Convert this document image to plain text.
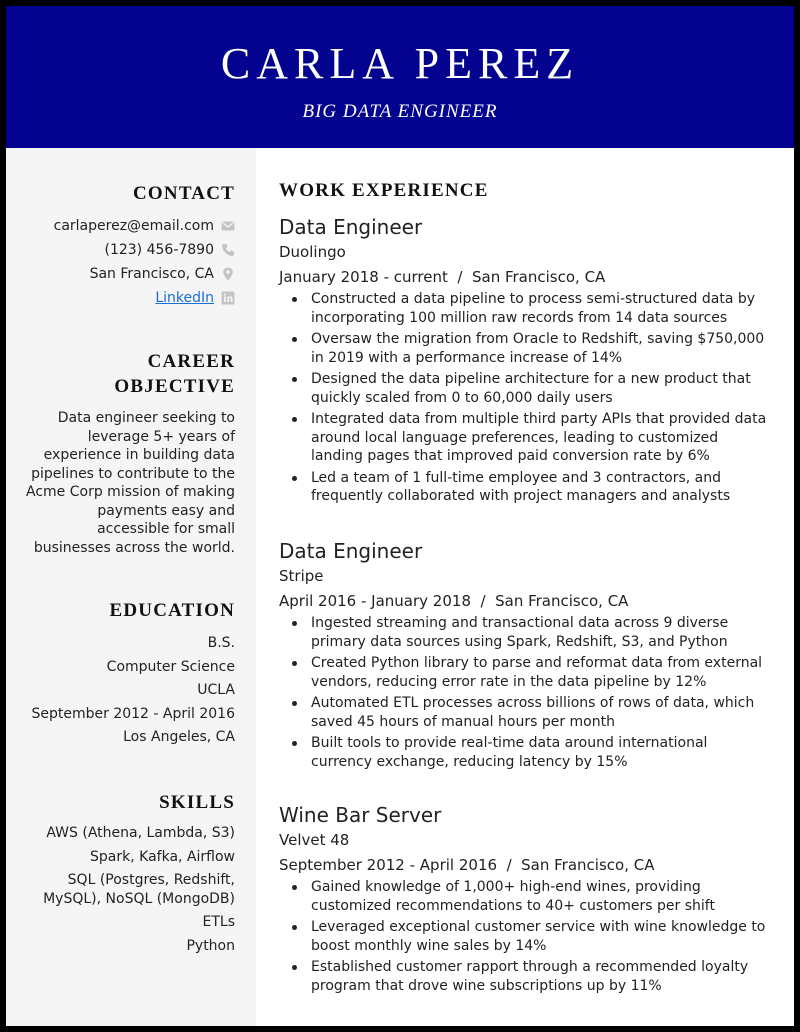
CARLA PEREZ
BIG DATA ENGINEER
CONTACT
carlaperez@email.com
(123) 456-7890
San Francisco, CA
LinkedIn
CAREER
OBJECTIVE
Data engineer seeking to leverage 5+ years of experience in building data pipelines to contribute to the Acme Corp mission of making payments easy and accessible for small businesses across the world.
EDUCATION
B.S.
Computer Science
UCLA
September 2012 - April 2016
Los Angeles, CA
SKILLS
AWS (Athena, Lambda, S3)
Spark, Kafka, Airflow
SQL (Postgres, Redshift, MySQL), NoSQL (MongoDB)
ETLs
Python
WORK EXPERIENCE
Data Engineer
Duolingo
January 2018 - current  /  San Francisco, CA
Constructed a data pipeline to process semi-structured data by incorporating 100 million raw records from 14 data sources
Oversaw the migration from Oracle to Redshift, saving $750,000 in 2019 with a performance increase of 14%
Designed the data pipeline architecture for a new product that quickly scaled from 0 to 60,000 daily users
Integrated data from multiple third party APIs that provided data around local language preferences, leading to customized landing pages that improved paid conversion rate by 6%
Led a team of 1 full-time employee and 3 contractors, and frequently collaborated with project managers and analysts
Data Engineer
Stripe
April 2016 - January 2018  /  San Francisco, CA
Ingested streaming and transactional data across 9 diverse primary data sources using Spark, Redshift, S3, and Python
Created Python library to parse and reformat data from external vendors, reducing error rate in the data pipeline by 12%
Automated ETL processes across billions of rows of data, which saved 45 hours of manual hours per month
Built tools to provide real-time data around international currency exchange, reducing latency by 15%
Wine Bar Server
Velvet 48
September 2012 - April 2016  /  San Francisco, CA
Gained knowledge of 1,000+ high-end wines, providing customized recommendations to 40+ customers per shift
Leveraged exceptional customer service with wine knowledge to boost monthly wine sales by 14%
Established customer rapport through a recommended loyalty program that drove wine subscriptions up by 11%
